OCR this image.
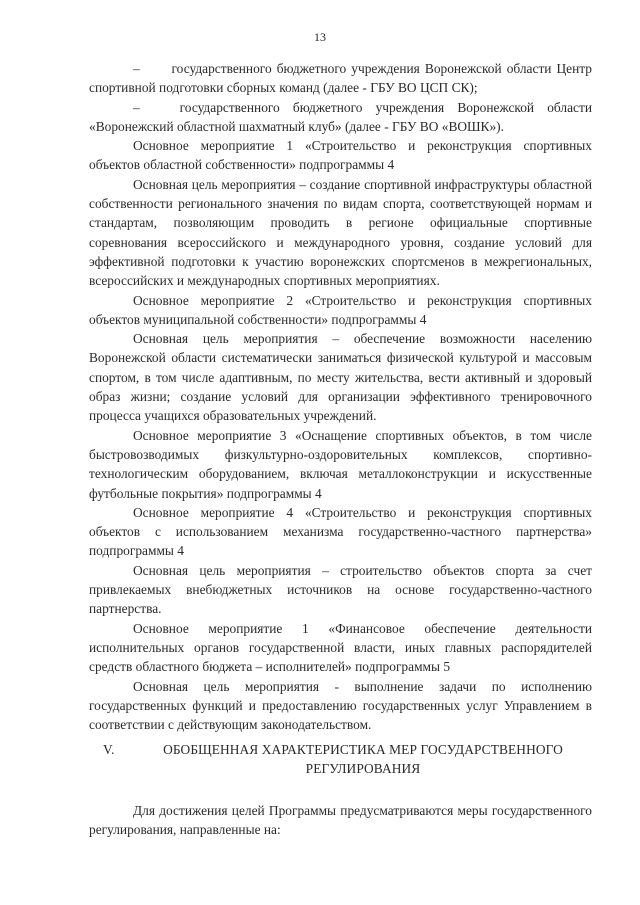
13

–   государственного бюджетного учреждения Воронежской области Центр спортивной подготовки сборных команд (далее - ГБУ ВО ЦСП СК);

–   государственного бюджетного учреждения Воронежской области «Воронежский областной шахматный клуб» (далее - ГБУ ВО «ВОШК»).

Основное мероприятие 1 «Строительство и реконструкция спортивных объектов областной собственности» подпрограммы 4

Основная цель мероприятия – создание спортивной инфраструктуры областной собственности регионального значения по видам спорта, соответствующей нормам и стандартам, позволяющим проводить в регионе официальные спортивные соревнования всероссийского и международного уровня, создание условий для эффективной подготовки к участию воронежских спортсменов в межрегиональных, всероссийских и международных спортивных мероприятиях.

Основное мероприятие 2 «Строительство и реконструкция спортивных объектов муниципальной собственности» подпрограммы 4

Основная цель мероприятия – обеспечение возможности населению Воронежской области систематически заниматься физической культурой и массовым спортом, в том числе адаптивным, по месту жительства, вести активный и здоровый образ жизни; создание условий для организации эффективного тренировочного процесса учащихся образовательных учреждений.

Основное мероприятие 3 «Оснащение спортивных объектов, в том числе быстровозводимых физкультурно-оздоровительных комплексов, спортивно-технологическим оборудованием, включая металлоконструкции и искусственные футбольные покрытия» подпрограммы 4

Основное мероприятие 4 «Строительство и реконструкция спортивных объектов с использованием механизма государственно-частного партнерства» подпрограммы 4

Основная цель мероприятия – строительство объектов спорта за счет привлекаемых внебюджетных источников на основе государственно-частного партнерства.

Основное мероприятие 1 «Финансовое обеспечение деятельности исполнительных органов государственной власти, иных главных распорядителей средств областного бюджета – исполнителей» подпрограммы 5

Основная цель мероприятия - выполнение задачи по исполнению государственных функций и предоставлению государственных услуг Управлением в соответствии с действующим законодательством.

V.	ОБОБЩЕННАЯ ХАРАКТЕРИСТИКА МЕР ГОСУДАРСТВЕННОГО РЕГУЛИРОВАНИЯ

Для достижения целей Программы предусматриваются меры государственного регулирования, направленные на:
